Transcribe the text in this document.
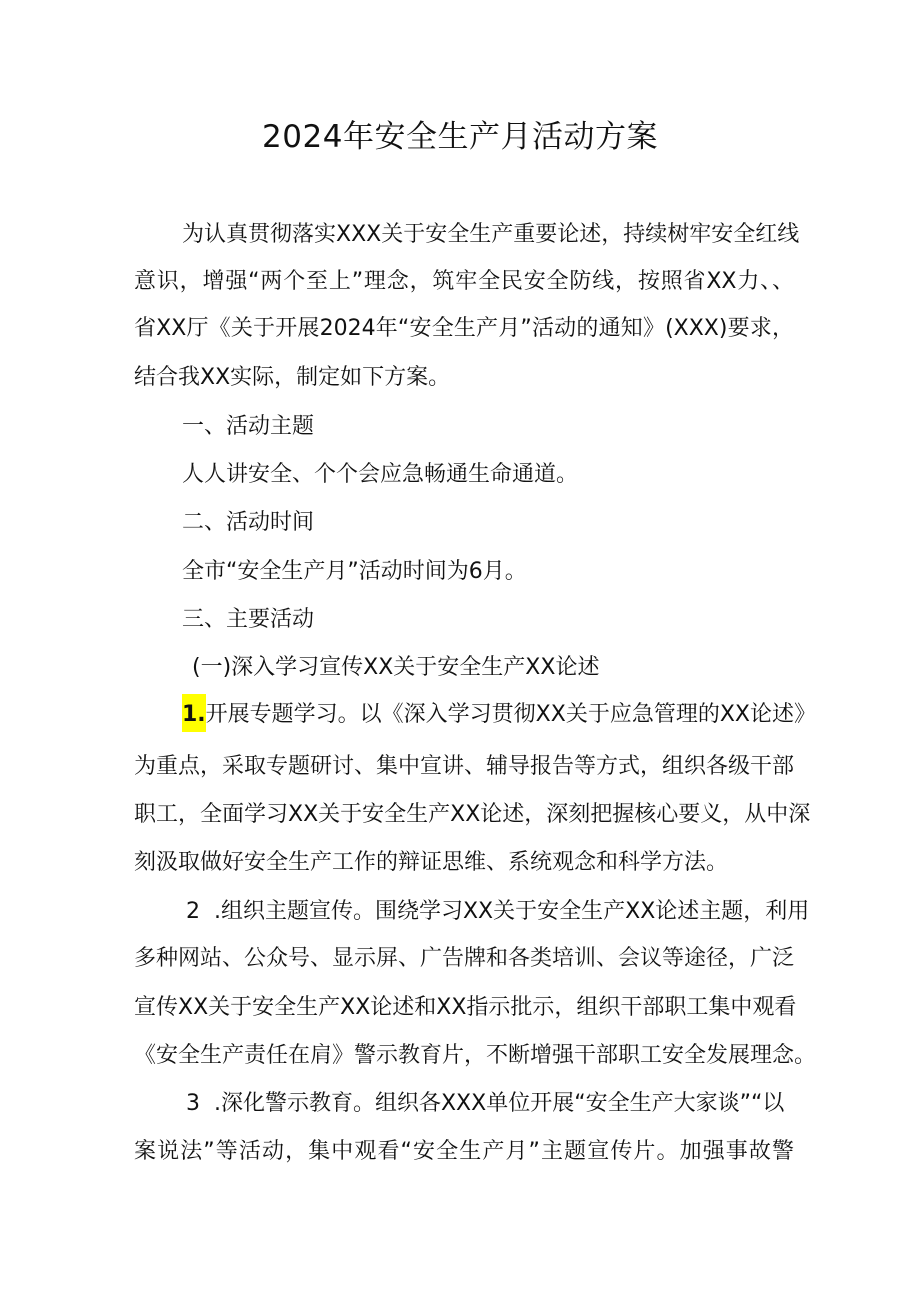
2024年安全生产月活动方案

为认真贯彻落实XXX关于安全生产重要论述，持续树牢安全红线

意识，增强“两个至上”理念，筑牢全民安全防线，按照省XX力、、

省XX厅《关于开展2024年“安全生产月”活动的通知》(XXX)要求，

结合我XX实际，制定如下方案。

一、活动主题

人人讲安全、个个会应急畅通生命通道。

二、活动时间

全市“安全生产月”活动时间为6月。

三、主要活动

(一)深入学习宣传XX关于安全生产XX论述

1.开展专题学习。以《深入学习贯彻XX关于应急管理的XX论述》

为重点，采取专题研讨、集中宣讲、辅导报告等方式，组织各级干部

职工，全面学习XX关于安全生产XX论述，深刻把握核心要义，从中深

刻汲取做好安全生产工作的辩证思维、系统观念和科学方法。

2  .组织主题宣传。围绕学习XX关于安全生产XX论述主题，利用

多种网站、公众号、显示屏、广告牌和各类培训、会议等途径，广泛

宣传XX关于安全生产XX论述和XX指示批示，组织干部职工集中观看

《安全生产责任在肩》警示教育片，不断增强干部职工安全发展理念。

3  .深化警示教育。组织各XXX单位开展“安全生产大家谈”“以

案说法”等活动，集中观看“安全生产月”主题宣传片。加强事故警
